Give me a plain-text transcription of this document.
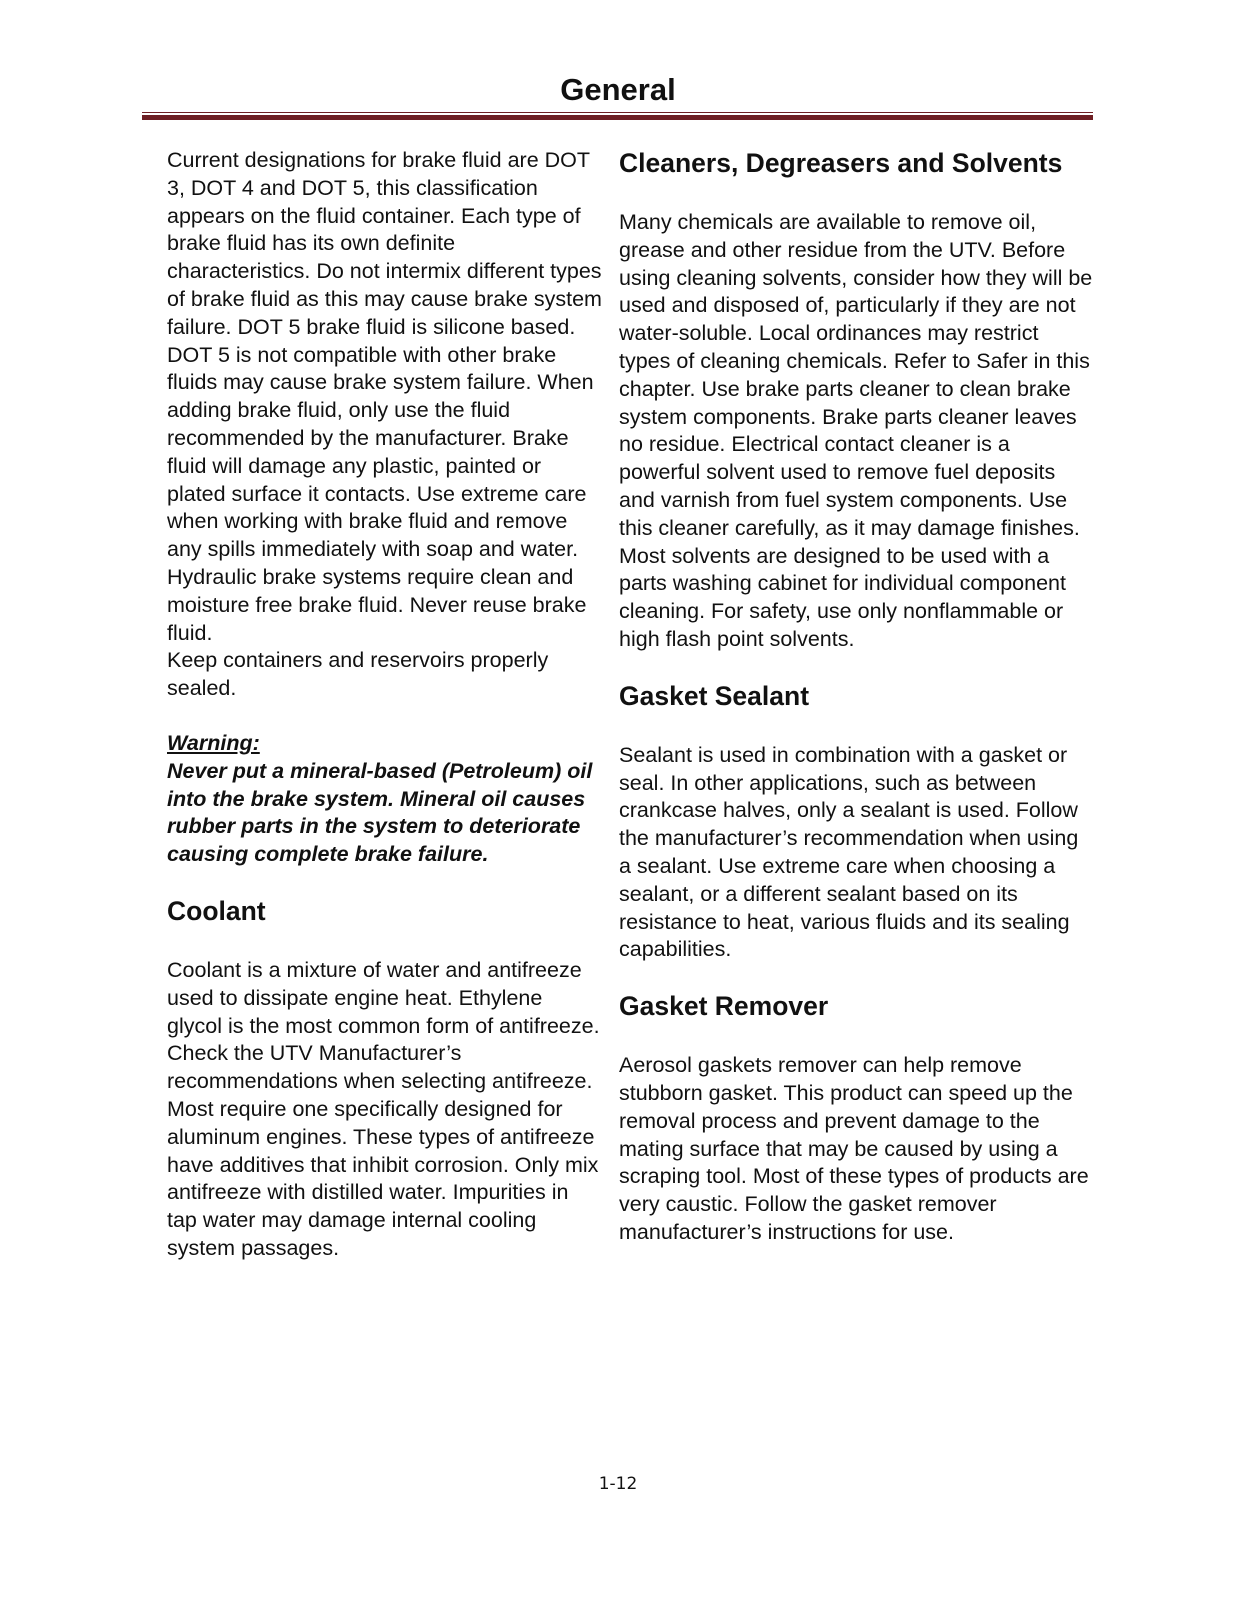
General

Current designations for brake fluid are DOT 3, DOT 4 and DOT 5, this classification appears on the fluid container. Each type of brake fluid has its own definite characteristics. Do not intermix different types of brake fluid as this may cause brake system failure. DOT 5 brake fluid is silicone based. DOT 5 is not compatible with other brake fluids may cause brake system failure. When adding brake fluid, only use the fluid recommended by the manufacturer. Brake fluid will damage any plastic, painted or plated surface it contacts. Use extreme care when working with brake fluid and remove any spills immediately with soap and water. Hydraulic brake systems require clean and moisture free brake fluid. Never reuse brake fluid.

Keep containers and reservoirs properly sealed.

Warning:
Never put a mineral-based (Petroleum) oil into the brake system. Mineral oil causes rubber parts in the system to deteriorate causing complete brake failure.
Coolant

Coolant is a mixture of water and antifreeze used to dissipate engine heat. Ethylene glycol is the most common form of antifreeze. Check the UTV Manufacturer’s recommendations when selecting antifreeze. Most require one specifically designed for aluminum engines. These types of antifreeze have additives that inhibit corrosion. Only mix antifreeze with distilled water. Impurities in tap water may damage internal cooling system passages.

Cleaners, Degreasers and Solvents

Many chemicals are available to remove oil, grease and other residue from the UTV. Before using cleaning solvents, consider how they will be used and disposed of, particularly if they are not water-soluble. Local ordinances may restrict types of cleaning chemicals. Refer to Safer in this chapter. Use brake parts cleaner to clean brake system components. Brake parts cleaner leaves no residue. Electrical contact cleaner is a powerful solvent used to remove fuel deposits and varnish from fuel system components. Use this cleaner carefully, as it may damage finishes.

Most solvents are designed to be used with a parts washing cabinet for individual component cleaning. For safety, use only nonflammable or high flash point solvents.

Gasket Sealant

Sealant is used in combination with a gasket or seal. In other applications, such as between crankcase halves, only a sealant is used. Follow the manufacturer’s recommendation when using a sealant. Use extreme care when choosing a sealant, or a different sealant based on its resistance to heat, various fluids and its sealing capabilities.

Gasket Remover

Aerosol gaskets remover can help remove stubborn gasket. This product can speed up the removal process and prevent damage to the mating surface that may be caused by using a scraping tool. Most of these types of products are very caustic. Follow the gasket remover manufacturer’s instructions for use.

1-12
